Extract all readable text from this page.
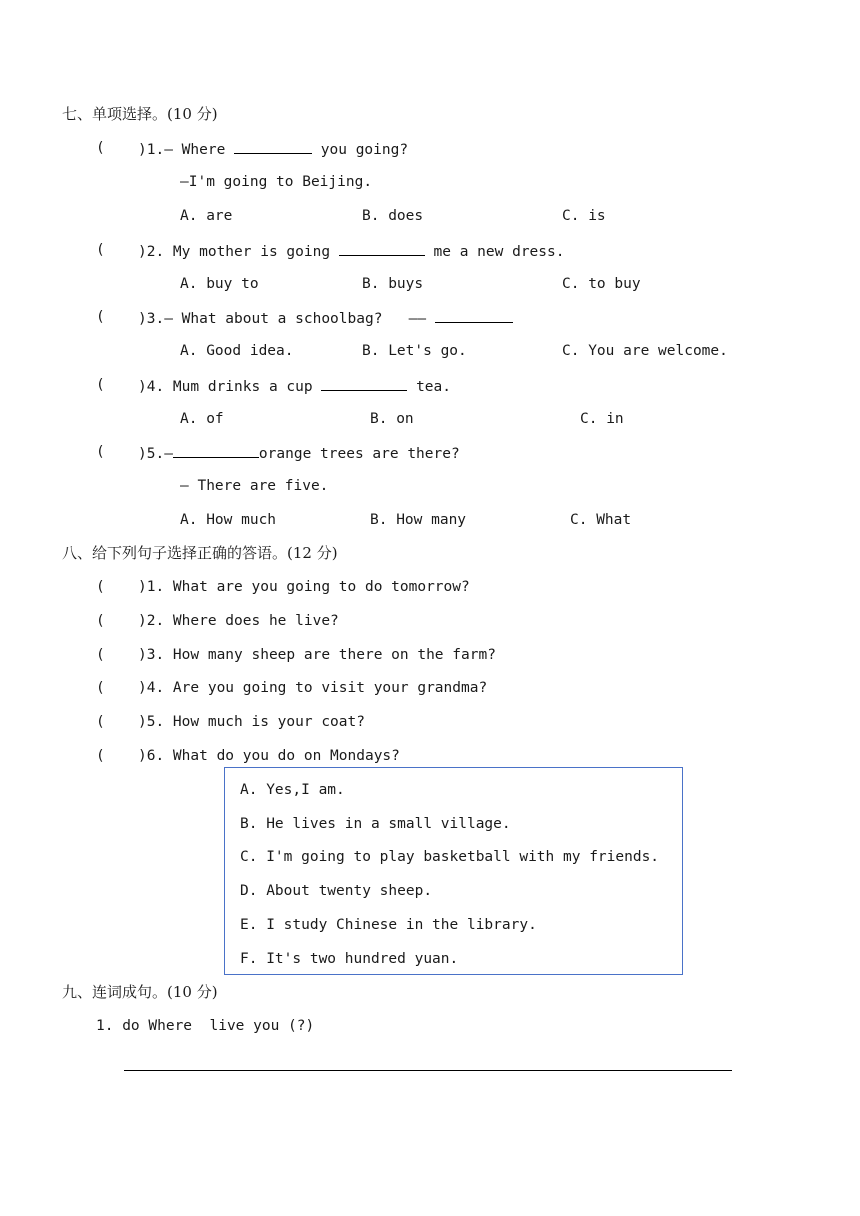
七、单项选择。(10 分)
( )1.— Where	you going?
—I'm going to Beijing.
A. are	B. does	C. is
( )2. My mother is going	me a new dress.
A. buy to	B. buys	C. to buy
( )3.— What about a schoolbag? ——
A. Good idea.	B. Let's go.	C. You are welcome.
( )4. Mum drinks a cup	tea.
A. of	B. on	C. in
( )5.—	orange trees are there?
— There are five.
A. How much	B. How many	C. What
八、给下列句子选择正确的答语。(12 分)
( )1. What are you going to do tomorrow?
( )2. Where does he live?
( )3. How many sheep are there on the farm?
( )4. Are you going to visit your grandma?
( )5. How much is your coat?
( )6. What do you do on Mondays?
A. Yes,I am.
B. He lives in a small village.
C. I'm going to play basketball with my friends.
D. About twenty sheep.
E. I study Chinese in the library.
F. It's two hundred yuan.
九、连词成句。(10 分)
1. do Where  live you (?)
